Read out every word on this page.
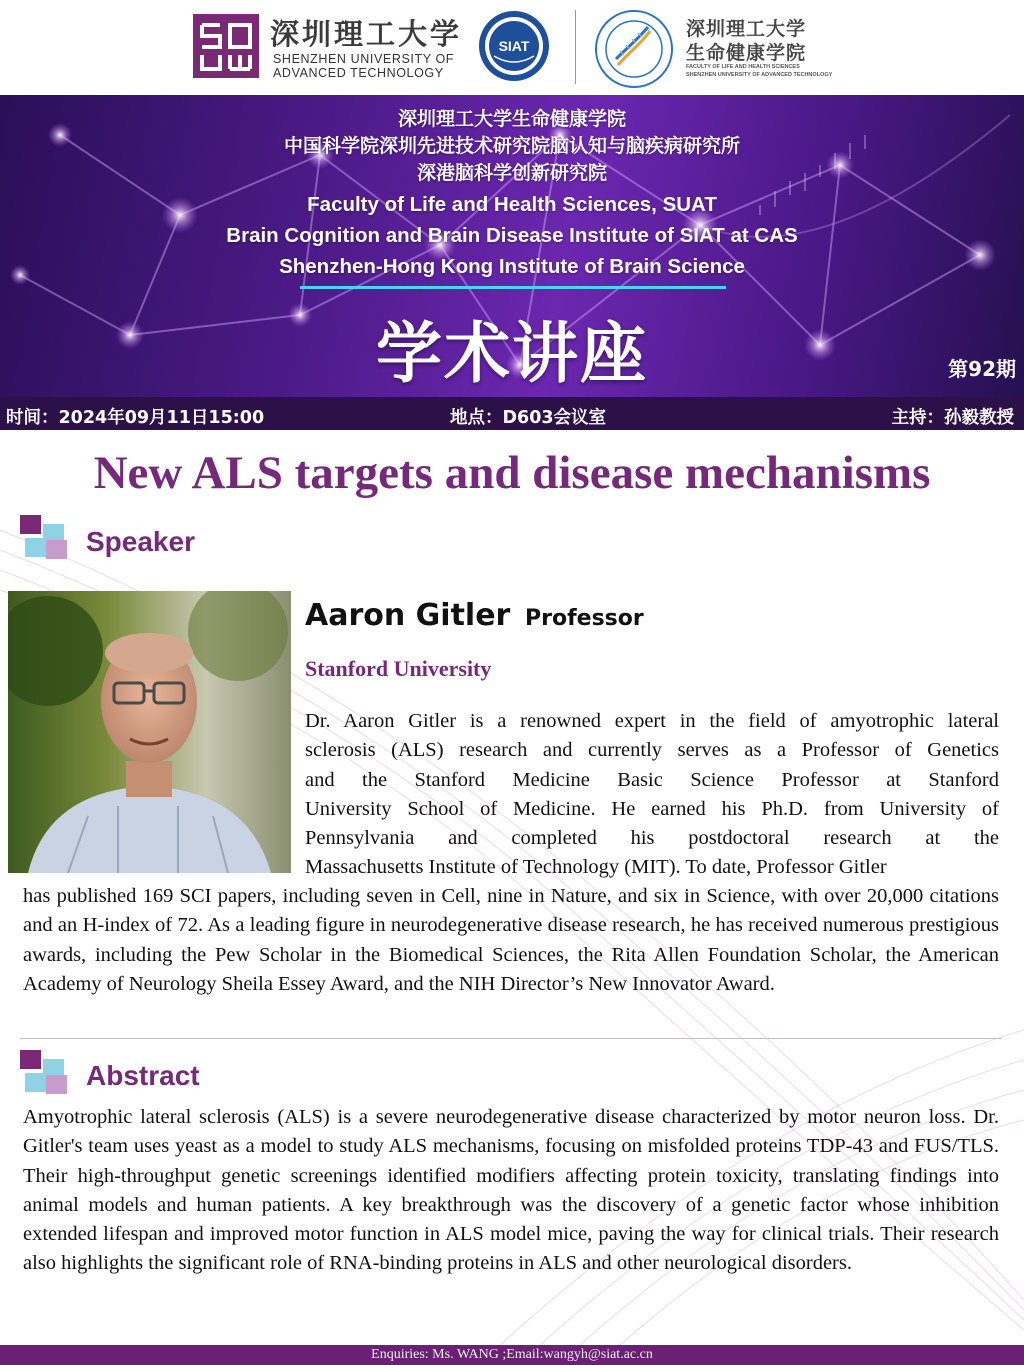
深圳理工大学
SHENZHEN UNIVERSITY OF
ADVANCED TECHNOLOGY
SIAT
深圳理工大学
生命健康学院
FACULTY OF LIFE AND HEALTH SCIENCES
SHENZHEN UNIVERSITY OF ADVANCED TECHNOLOGY
深圳理工大学生命健康学院
中国科学院深圳先进技术研究院脑认知与脑疾病研究所
深港脑科学创新研究院
Faculty of Life and Health Sciences, SUAT
Brain Cognition and Brain Disease Institute of SIAT at CAS
Shenzhen-Hong Kong Institute of Brain Science
学术讲座	第92期
时间：2024年09月11日15:00	地点：D603会议室	主持：孙毅教授
New ALS targets and disease mechanisms
Speaker
Aaron Gitler Professor
Stanford University
Dr. Aaron Gitler is a renowned expert in the field of amyotrophic lateral
sclerosis (ALS) research and currently serves as a Professor of Genetics
and the Stanford Medicine Basic Science Professor at Stanford
University School of Medicine. He earned his Ph.D. from University of
Pennsylvania and completed his postdoctoral research at the
Massachusetts Institute of Technology (MIT). To date, Professor Gitler
has published 169 SCI papers, including seven in Cell, nine in Nature, and six in Science, with over 20,000 citations and an H-index of 72. As a leading figure in neurodegenerative disease research, he has received numerous prestigious awards, including the Pew Scholar in the Biomedical Sciences, the Rita Allen Foundation Scholar, the American Academy of Neurology Sheila Essey Award, and the NIH Director’s New Innovator Award.
Abstract
Amyotrophic lateral sclerosis (ALS) is a severe neurodegenerative disease characterized by motor neuron loss. Dr. Gitler's team uses yeast as a model to study ALS mechanisms, focusing on misfolded proteins TDP-43 and FUS/TLS. Their high-throughput genetic screenings identified modifiers affecting protein toxicity, translating findings into animal models and human patients. A key breakthrough was the discovery of a genetic factor whose inhibition extended lifespan and improved motor function in ALS model mice, paving the way for clinical trials. Their research also highlights the significant role of RNA-binding proteins in ALS and other neurological disorders.
Enquiries: Ms. WANG ;Email:wangyh@siat.ac.cn
